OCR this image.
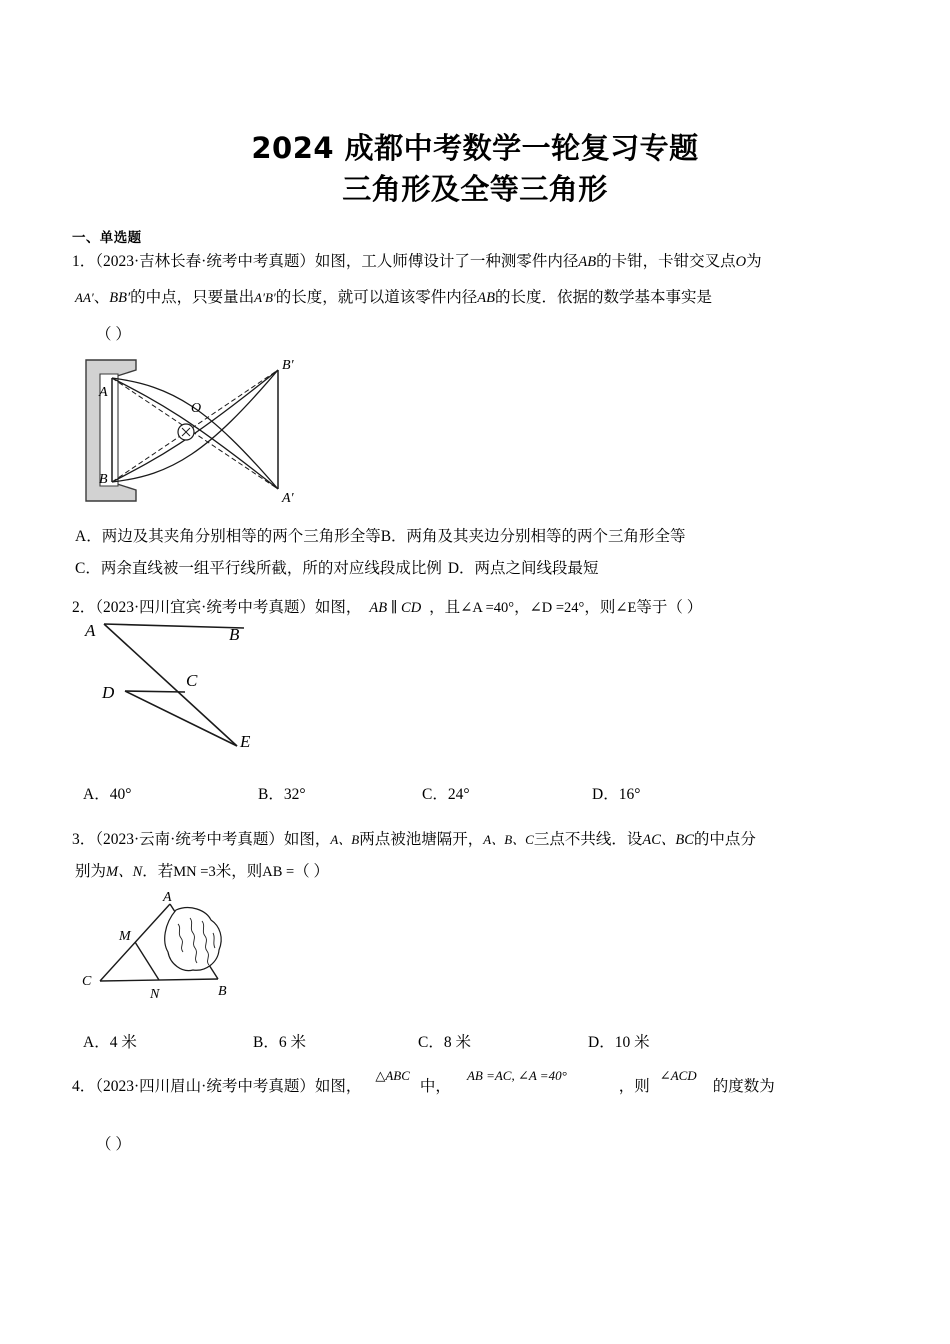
2024 成都中考数学一轮复习专题
三角形及全等三角形
一、单选题
1．（2023·吉林长春·统考中考真题）如图，工人师傅设计了一种测零件内径AB的卡钳，卡钳交叉点O为
AA′、BB′的中点，只要量出A′B′的长度，就可以道该零件内径AB的长度．依据的数学基本事实是
（ ）
A
B
O
B′
A′
A．两边及其夹角分别相等的两个三角形全等B．两角及其夹边分别相等的两个三角形全等
C．两余直线被一组平行线所截，所的对应线段成比例 D．两点之间线段最短
2．（2023·四川宜宾·统考中考真题）如图， AB ∥ CD ，且∠A =40°，∠D =24°，则∠E等于（ ）
A	B
D
C
E
A．40°	B．32°	C．24°	D．16°
3．（2023·云南·统考中考真题）如图，A、B两点被池塘隔开，A、B、C三点不共线．设AC、BC的中点分
别为M、N．若MN =3米，则AB =（ ）
A
M
C
N	B
A．4 米	B．6 米	C．8 米	D．10 米
4．（2023·四川眉山·统考中考真题）如图，$^{\triangle ABC}$中，$^{AB =AC, \angle A =40^\circ}$，则$^{\angle ACD}$的度数为
（ ）
